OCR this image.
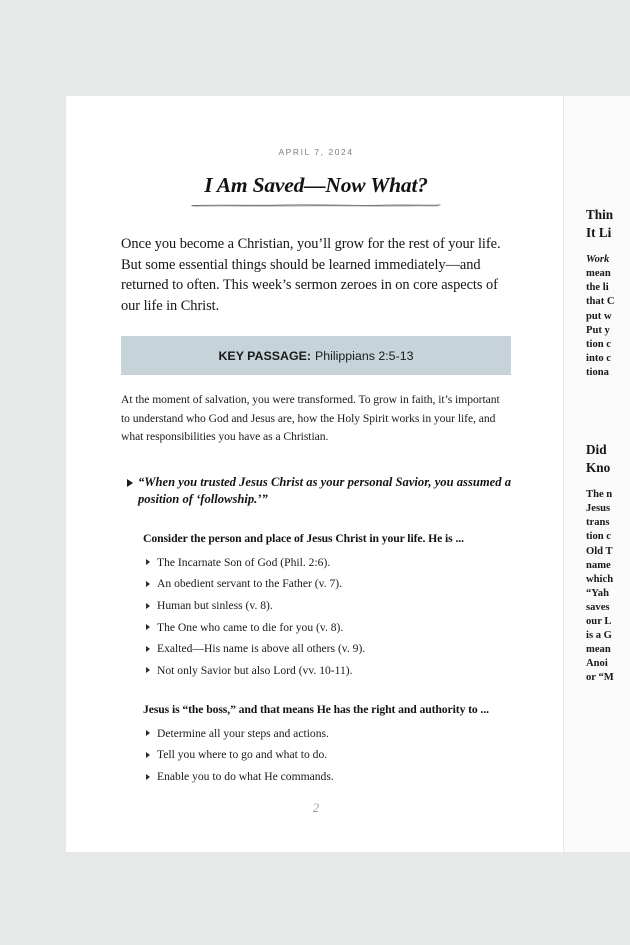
APRIL 7, 2024
I Am Saved—Now What?

Once you become a Christian, you’ll grow for the rest of your life. But some essential things should be learned immediately—and returned to often. This week’s sermon zeroes in on core aspects of our life in Christ.

KEY PASSAGE: Philippians 2:5-13

At the moment of salvation, you were transformed. To grow in faith, it’s important to understand who God and Jesus are, how the Holy Spirit works in your life, and what responsibilities you have as a Christian.

“When you trusted Jesus Christ as your personal Savior, you assumed a position of ‘followship.’”
Consider the person and place of Jesus Christ in your life. He is ...
The Incarnate Son of God (Phil. 2:6).
An obedient servant to the Father (v. 7).
Human but sinless (v. 8).
The One who came to die for you (v. 8).
Exalted—His name is above all others (v. 9).
Not only Savior but also Lord (vv. 10-11).
Jesus is “the boss,” and that means He has the right and authority to ...
Determine all your steps and actions.
Tell you where to go and what to do.
Enable you to do what He commands.
2
Thin
It Li
Work
mean
the li
that C
put w
Put y
tion c
into c
tiona
Did
Kno
The n
Jesus
trans
tion c
Old T
name
which
“Yah
saves
our L
is a G
mean
Anoi
or “M
